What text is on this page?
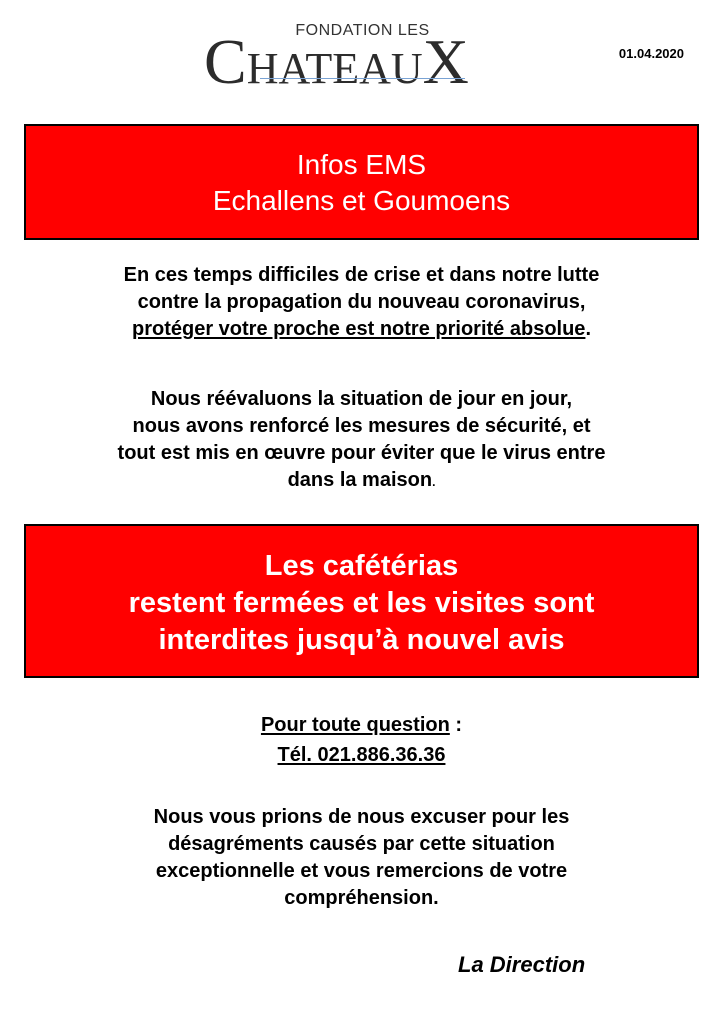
FONDATION LES
CHATEAUX	01.04.2020
Infos EMS
Echallens et Goumoens
En ces temps difficiles de crise et dans notre lutte
contre la propagation du nouveau coronavirus,
protéger votre proche est notre priorité absolue.
Nous réévaluons la situation de jour en jour,
nous avons renforcé les mesures de sécurité, et
tout est mis en œuvre pour éviter que le virus entre
dans la maison.
Les cafétérias
restent fermées et les visites sont
interdites jusqu’à nouvel avis
Pour toute question :
Tél. 021.886.36.36
Nous vous prions de nous excuser pour les
désagréments causés par cette situation
exceptionnelle et vous remercions de votre
compréhension.
La Direction
